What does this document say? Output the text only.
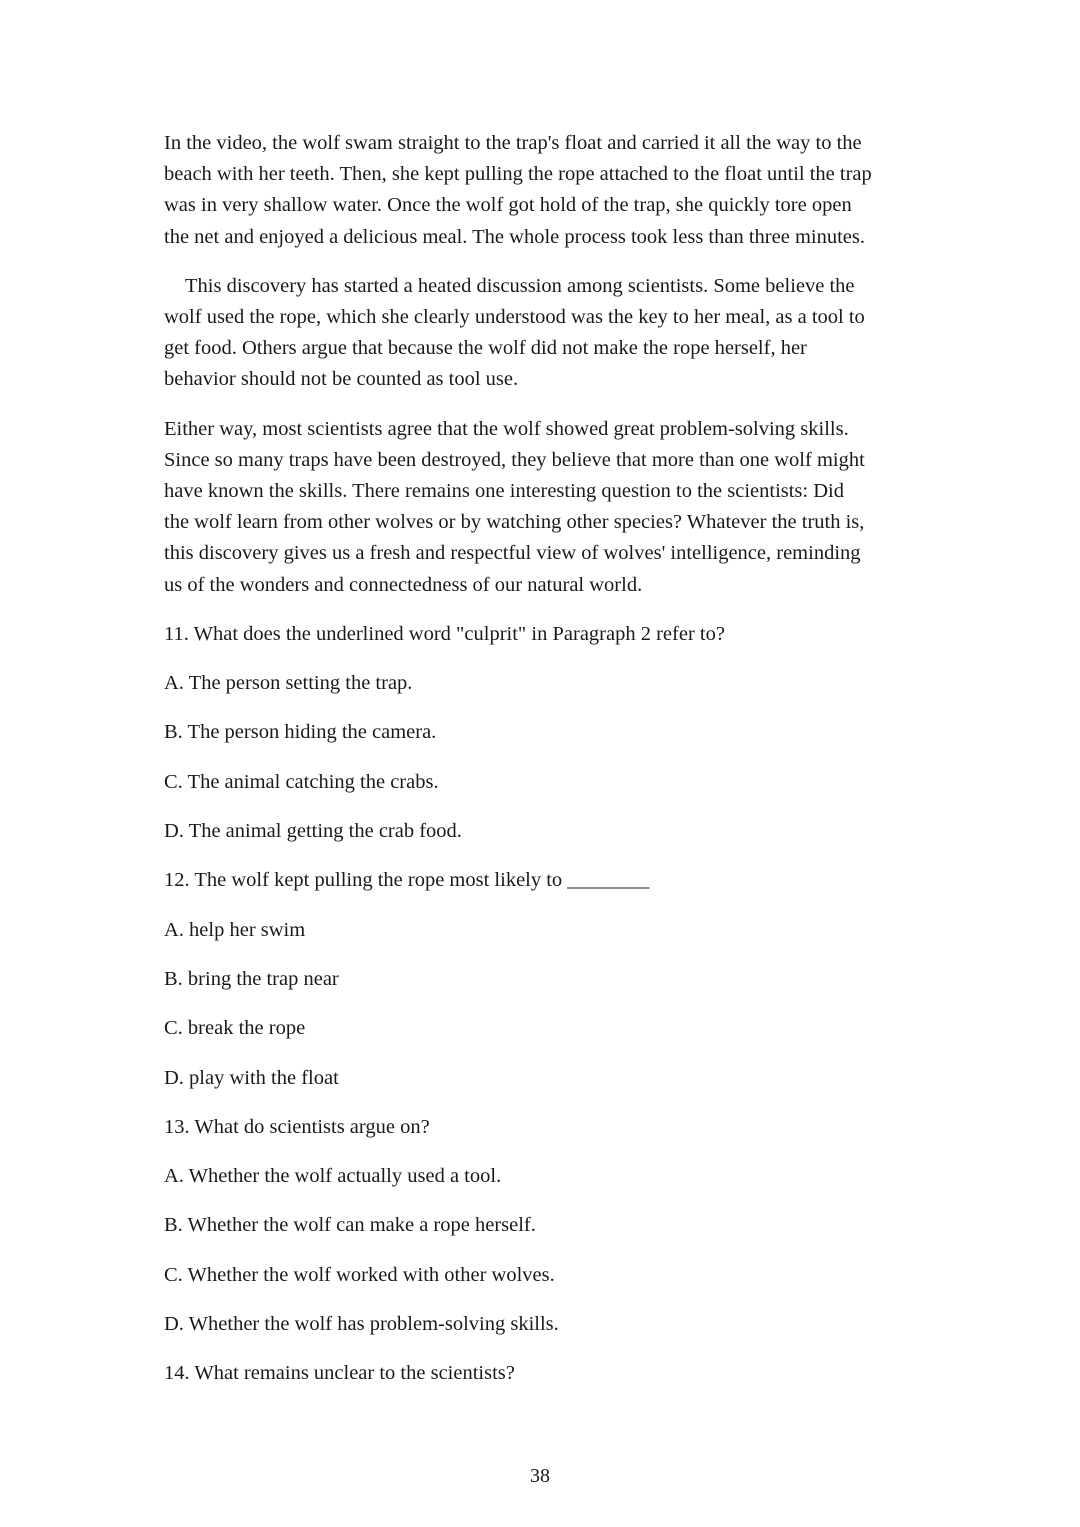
In the video, the wolf swam straight to the trap's float and carried it all the way to the
beach with her teeth. Then, she kept pulling the rope attached to the float until the trap
was in very shallow water. Once the wolf got hold of the trap, she quickly tore open
the net and enjoyed a delicious meal. The whole process took less than three minutes.

This discovery has started a heated discussion among scientists. Some believe the
wolf used the rope, which she clearly understood was the key to her meal, as a tool to
get food. Others argue that because the wolf did not make the rope herself, her
behavior should not be counted as tool use.

Either way, most scientists agree that the wolf showed great problem-solving skills.
Since so many traps have been destroyed, they believe that more than one wolf might
have known the skills. There remains one interesting question to the scientists: Did
the wolf learn from other wolves or by watching other species? Whatever the truth is,
this discovery gives us a fresh and respectful view of wolves' intelligence, reminding
us of the wonders and connectedness of our natural world.

11. What does the underlined word "culprit" in Paragraph 2 refer to?

A. The person setting the trap.

B. The person hiding the camera.

C. The animal catching the crabs.

D. The animal getting the crab food.

12. The wolf kept pulling the rope most likely to ________

A. help her swim

B. bring the trap near

C. break the rope

D. play with the float

13. What do scientists argue on?

A. Whether the wolf actually used a tool.

B. Whether the wolf can make a rope herself.

C. Whether the wolf worked with other wolves.

D. Whether the wolf has problem-solving skills.

14. What remains unclear to the scientists?

38
